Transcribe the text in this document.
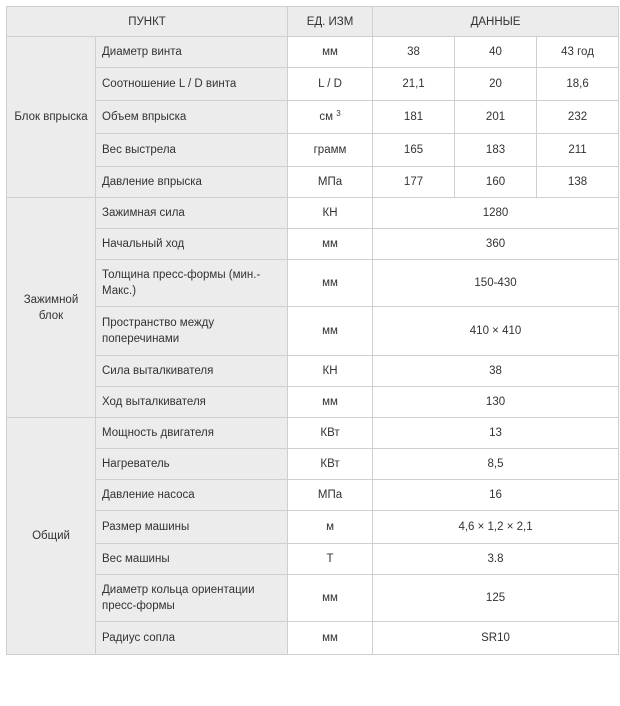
ПУНКТ		ЕД. ИЗМ	ДАННЫЕ		
Блок впрыска	Диаметр винта	мм	38	40	43 год
	Соотношение L / D винта	L / D	21,1	20	18,6
	Объем впрыска	см $^3$	181	201	232
	Вес выстрела	грамм	165	183	211
	Давление впрыска	МПа	177	160	138
Зажимной блок	Зажимная сила	КН	1280		
	Начальный ход	мм	360		
	Толщина пресс-формы (мин.-Макс.)	мм	150-430		
	Пространство между поперечинами	мм	410 × 410		
	Сила выталкивателя	КН	38		
	Ход выталкивателя	мм	130		
Общий	Мощность двигателя	КВт	13		
	Нагреватель	КВт	8,5		
	Давление насоса	МПа	16		
	Размер машины	м	4,6 × 1,2 × 2,1		
	Вес машины	Т	3.8		
	Диаметр кольца ориентации пресс-формы	мм	125		
	Радиус сопла	мм	SR10		
